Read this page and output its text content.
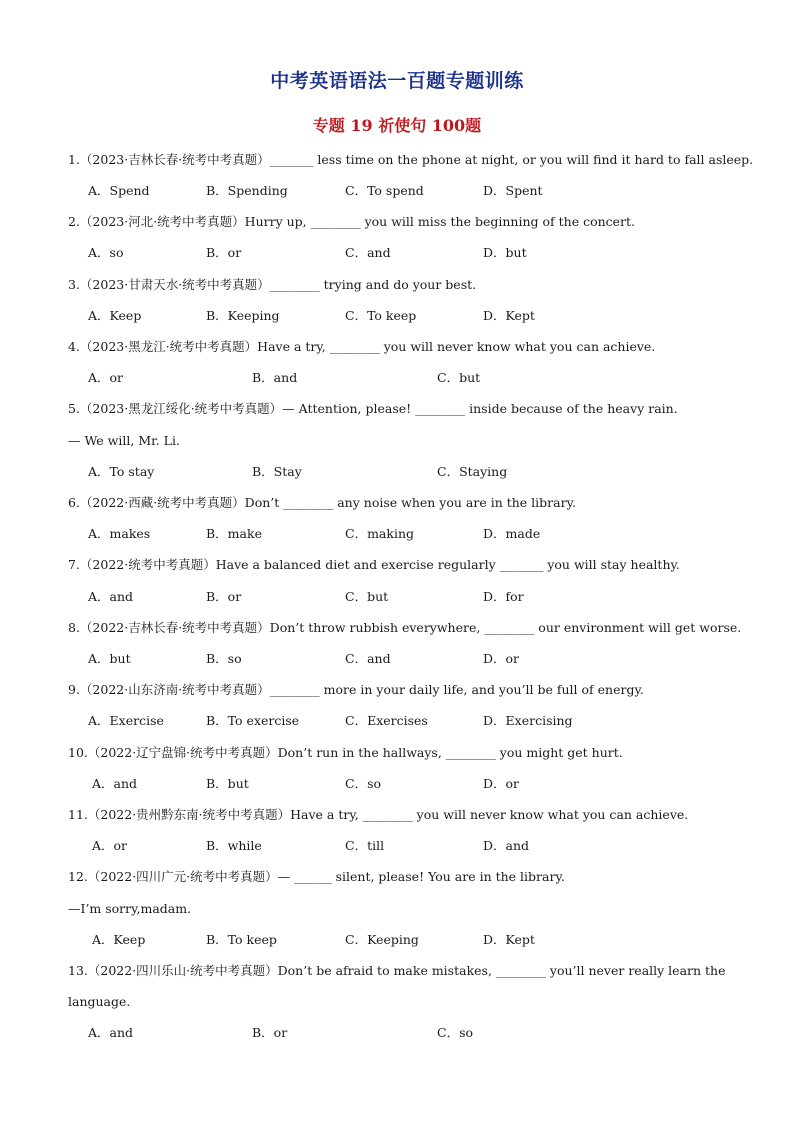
中考英语语法一百题专题训练
专题 19 祈使句 100题
1.（2023·吉林长春·统考中考真题）_______ less time on the phone at night, or you will find it hard to fall asleep.
A．Spend	B．Spending	C．To spend	D．Spent
2.（2023·河北·统考中考真题）Hurry up, ________ you will miss the beginning of the concert.
A．so	B．or	C．and	D．but
3.（2023·甘肃天水·统考中考真题）________ trying and do your best.
A．Keep	B．Keeping	C．To keep	D．Kept
4.（2023·黑龙江·统考中考真题）Have a try, ________ you will never know what you can achieve.
A．or	B．and	C．but
5.（2023·黑龙江绥化·统考中考真题）— Attention, please! ________ inside because of the heavy rain.
— We will, Mr. Li.
A．To stay	B．Stay	C．Staying
6.（2022·西藏·统考中考真题）Don’t ________ any noise when you are in the library.
A．makes	B．make	C．making	D．made
7.（2022·统考中考真题）Have a balanced diet and exercise regularly _______ you will stay healthy.
A．and	B．or	C．but	D．for
8.（2022·吉林长春·统考中考真题）Don’t throw rubbish everywhere, ________ our environment will get worse.
A．but	B．so	C．and	D．or
9.（2022·山东济南·统考中考真题）________ more in your daily life, and you’ll be full of energy.
A．Exercise	B．To exercise	C．Exercises	D．Exercising
10.（2022·辽宁盘锦·统考中考真题）Don’t run in the hallways, ________ you might get hurt.
A．and	B．but	C．so	D．or
11.（2022·贵州黔东南·统考中考真题）Have a try, ________ you will never know what you can achieve.
A．or	B．while	C．till	D．and
12.（2022·四川广元·统考中考真题）— ______ silent, please! You are in the library.
—I’m sorry,madam.
A．Keep	B．To keep	C．Keeping	D．Kept
13.（2022·四川乐山·统考中考真题）Don’t be afraid to make mistakes, ________ you’ll never really learn the
language.
A．and	B．or	C．so
